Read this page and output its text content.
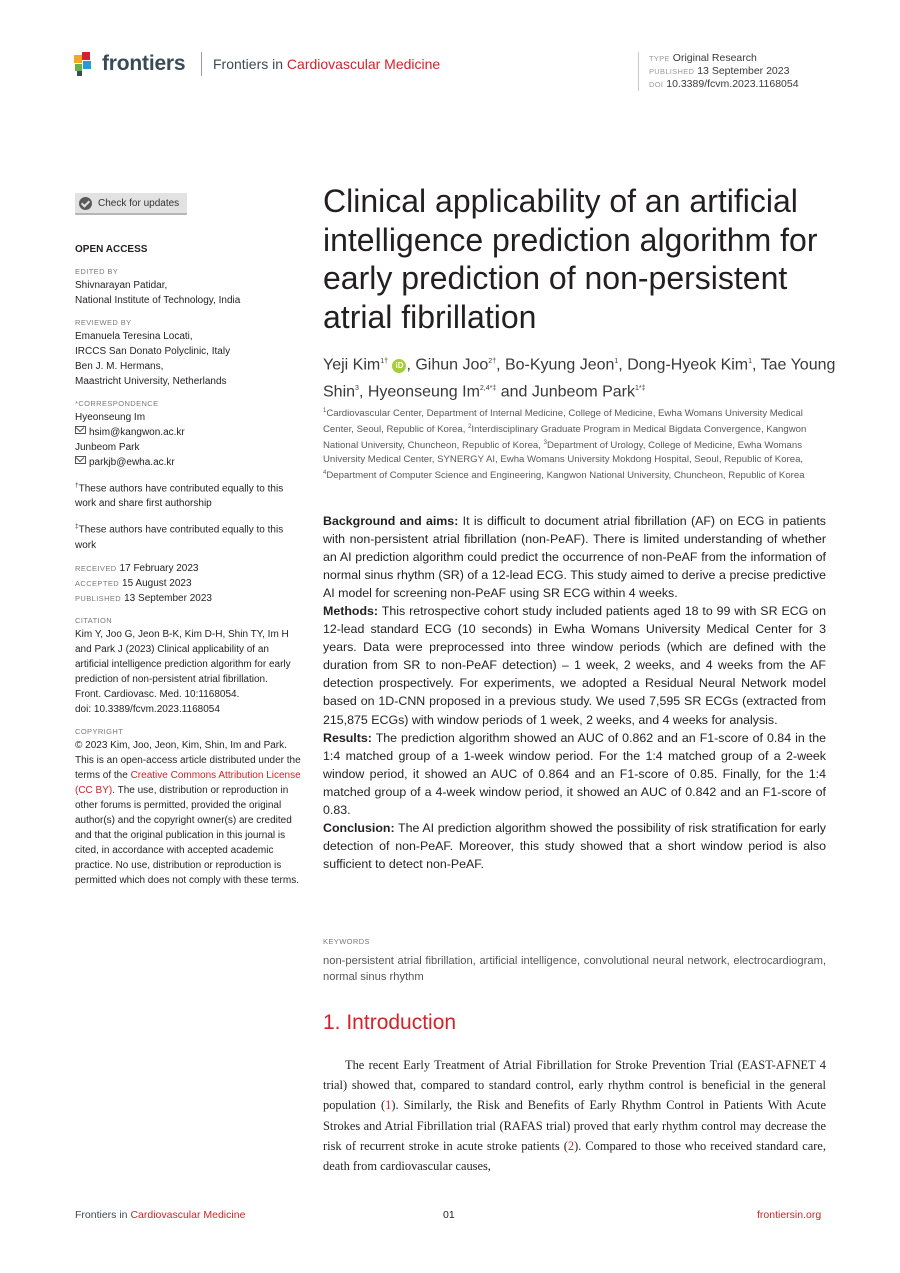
frontiers Frontiers in Cardiovascular Medicine	TYPE Original Research
PUBLISHED 13 September 2023
DOI 10.3389/fcvm.2023.1168054
Check for updates
OPEN ACCESS
EDITED BY
Shivnarayan Patidar,
National Institute of Technology, India
REVIEWED BY
Emanuela Teresina Locati,
IRCCS San Donato Polyclinic, Italy
Ben J. M. Hermans,
Maastricht University, Netherlands
*CORRESPONDENCE
Hyeonseung Im
hsim@kangwon.ac.kr
Junbeom Park
parkjb@ewha.ac.kr
†These authors have contributed equally to this work and share first authorship
‡These authors have contributed equally to this work
RECEIVED 17 February 2023
ACCEPTED 15 August 2023
PUBLISHED 13 September 2023
CITATION
Kim Y, Joo G, Jeon B-K, Kim D-H, Shin TY, Im H and Park J (2023) Clinical applicability of an artificial intelligence prediction algorithm for early prediction of non-persistent atrial fibrillation.
Front. Cardiovasc. Med. 10:1168054.
doi: 10.3389/fcvm.2023.1168054
COPYRIGHT
© 2023 Kim, Joo, Jeon, Kim, Shin, Im and Park. This is an open-access article distributed under the terms of the Creative Commons Attribution License (CC BY). The use, distribution or reproduction in other forums is permitted, provided the original author(s) and the copyright owner(s) are credited and that the original publication in this journal is cited, in accordance with accepted academic practice. No use, distribution or reproduction is permitted which does not comply with these terms.
Clinical applicability of an artificial intelligence prediction algorithm for early prediction of non-persistent atrial fibrillation
Yeji Kim$^{1\dagger}$ iD , Gihun Joo$^{2\dagger}$, Bo-Kyung Jeon$^1$, Dong-Hyeok Kim$^1$, Tae Young Shin$^3$, Hyeonseung $Im^{2,4*\ddagger}$ and Junbeom Park$^{1*\ddagger}$
$^1$Cardiovascular Center, Department of Internal Medicine, College of Medicine, Ewha Womans University Medical Center, Seoul, Republic of Korea, $^2$Interdisciplinary Graduate Program in Medical Bigdata Convergence, Kangwon National University, Chuncheon, Republic of Korea, $^3$Department of Urology, College of Medicine, Ewha Womans University Medical Center, SYNERGY AI, Ewha Womans University Mokdong Hospital, Seoul, Republic of Korea, $^4$Department of Computer Science and Engineering, Kangwon National University, Chuncheon, Republic of Korea

Background and aims: It is difficult to document atrial fibrillation (AF) on ECG in patients with non-persistent atrial fibrillation (non-PeAF). There is limited understanding of whether an AI prediction algorithm could predict the occurrence of non-PeAF from the information of normal sinus rhythm (SR) of a 12-lead ECG. This study aimed to derive a precise predictive AI model for screening non-PeAF using SR ECG within 4 weeks.

Methods: This retrospective cohort study included patients aged 18 to 99 with SR ECG on 12-lead standard ECG (10 seconds) in Ewha Womans University Medical Center for 3 years. Data were preprocessed into three window periods (which are defined with the duration from SR to non-PeAF detection) – 1 week, 2 weeks, and 4 weeks from the AF detection prospectively. For experiments, we adopted a Residual Neural Network model based on 1D-CNN proposed in a previous study. We used 7,595 SR ECGs (extracted from 215,875 ECGs) with window periods of 1 week, 2 weeks, and 4 weeks for analysis.

Results: The prediction algorithm showed an AUC of 0.862 and an F1-score of 0.84 in the 1:4 matched group of a 1-week window period. For the 1:4 matched group of a 2-week window period, it showed an AUC of 0.864 and an F1-score of 0.85. Finally, for the 1:4 matched group of a 4-week window period, it showed an AUC of 0.842 and an F1-score of 0.83.

Conclusion: The AI prediction algorithm showed the possibility of risk stratification for early detection of non-PeAF. Moreover, this study showed that a short window period is also sufficient to detect non-PeAF.

KEYWORDS
non-persistent atrial fibrillation, artificial intelligence, convolutional neural network, electrocardiogram, normal sinus rhythm
1. Introduction
The recent Early Treatment of Atrial Fibrillation for Stroke Prevention Trial (EAST-AFNET 4 trial) showed that, compared to standard control, early rhythm control is beneficial in the general population (1). Similarly, the Risk and Benefits of Early Rhythm Control in Patients With Acute Strokes and Atrial Fibrillation trial (RAFAS trial) proved that early rhythm control may decrease the risk of recurrent stroke in acute stroke patients (2). Compared to those who received standard care, death from cardiovascular causes,
Frontiers in Cardiovascular Medicine	01	frontiersin.org
